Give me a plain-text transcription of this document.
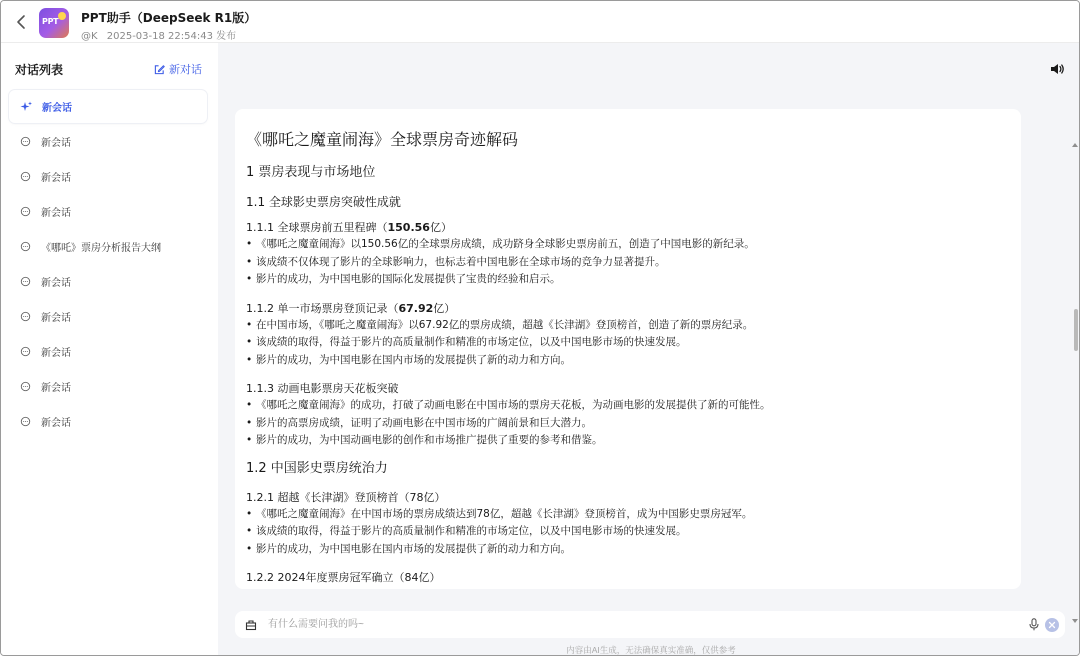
PPT PPT助手（DeepSeek R1版）
@K 2025-03-18 22:54:43 发布
对话列表	新对话
新会话
新会话
新会话
新会话
《哪吒》票房分析报告大纲
新会话
新会话
新会话
新会话
新会话
《哪吒之魔童闹海》全球票房奇迹解码
1 票房表现与市场地位
1.1 全球影史票房突破性成就
1.1.1 全球票房前五里程碑（150.56亿）
• 《哪吒之魔童闹海》以150.56亿的全球票房成绩，成功跻身全球影史票房前五，创造了中国电影的新纪录。
• 该成绩不仅体现了影片的全球影响力，也标志着中国电影在全球市场的竞争力显著提升。
• 影片的成功，为中国电影的国际化发展提供了宝贵的经验和启示。
1.1.2 单一市场票房登顶记录（67.92亿）
• 在中国市场，《哪吒之魔童闹海》以67.92亿的票房成绩，超越《长津湖》登顶榜首，创造了新的票房纪录。
• 该成绩的取得，得益于影片的高质量制作和精准的市场定位，以及中国电影市场的快速发展。
• 影片的成功，为中国电影在国内市场的发展提供了新的动力和方向。
1.1.3 动画电影票房天花板突破
• 《哪吒之魔童闹海》的成功，打破了动画电影在中国市场的票房天花板，为动画电影的发展提供了新的可能性。
• 影片的高票房成绩，证明了动画电影在中国市场的广阔前景和巨大潜力。
• 影片的成功，为中国动画电影的创作和市场推广提供了重要的参考和借鉴。
1.2 中国影史票房统治力
1.2.1 超越《长津湖》登顶榜首（78亿）
• 《哪吒之魔童闹海》在中国市场的票房成绩达到78亿，超越《长津湖》登顶榜首，成为中国影史票房冠军。
• 该成绩的取得，得益于影片的高质量制作和精准的市场定位，以及中国电影市场的快速发展。
• 影片的成功，为中国电影在国内市场的发展提供了新的动力和方向。
1.2.2 2024年度票房冠军确立（84亿）
有什么需要问我的吗~
内容由AI生成，无法确保真实准确，仅供参考
